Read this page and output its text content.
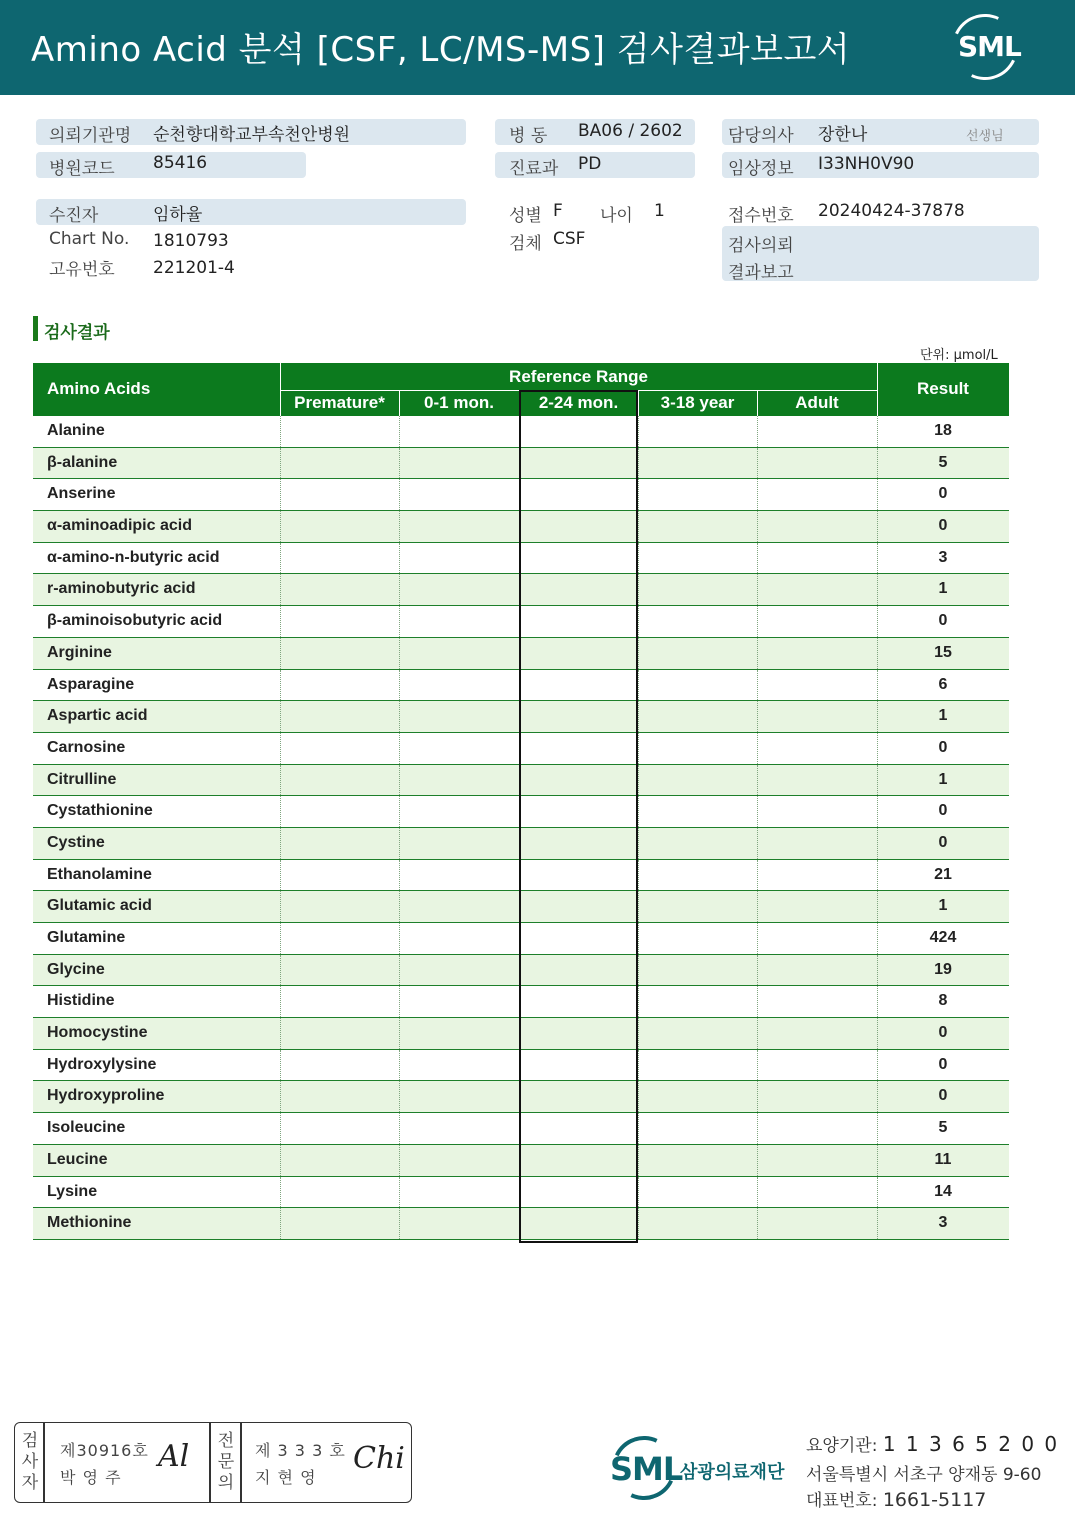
Amino Acid 분석 [CSF, LC/MS-MS] 검사결과보고서	SML
의뢰기관명 순천향대학교부속천안병원
병원코드 85416
병 동 BA06 / 2602
진료과 PD
담당의사 장한나	선생님
임상정보 I33NH0V90
수진자	임하율
Chart No. 1810793
고유번호 221201-4
성별 F 나이 1
검체 CSF
접수번호 20240424-37878
검사의뢰
결과보고
검사결과
단위: μmol/L
Amino Acids
Reference Range
Premature*	0-1 mon.	2-24 mon.	3-18 year	Adult
Result
Alanine	18
β-alanine	5
Anserine	0
α-aminoadipic acid	0
α-amino-n-butyric acid	3
r-aminobutyric acid	1
β-aminoisobutyric acid	0
Arginine	15
Asparagine	6
Aspartic acid	1
Carnosine	0
Citrulline	1
Cystathionine	0
Cystine	0
Ethanolamine	21
Glutamic acid	1
Glutamine	424
Glycine	19
Histidine	8
Homocystine	0
Hydroxylysine	0
Hydroxyproline	0
Isoleucine	5
Leucine	11
Lysine	14
Methionine	3
검
사
자
제30916호
박 영 주
Al 전
문
의
제 3 3 3 호
지 현 영
Chi	SML
삼광의료재단
요양기관: 1 1 3 6 5 2 0 0
서울특별시 서초구 양재동 9-60
대표번호: 1661-5117
